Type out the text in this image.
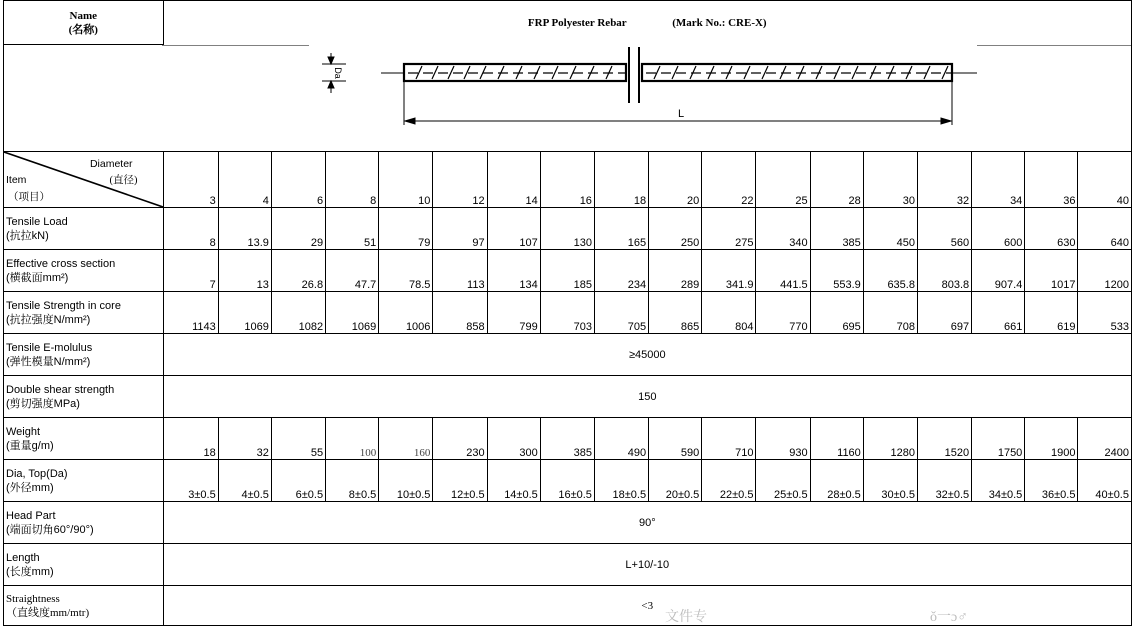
Name
(名称)	FRP Polyester Rebar (Mark No.: CRE-X)																	

Da
L																		

Diameter
(直径)
Item
（项目）	3	4	6	8	10	12	14	16	18	20	22	25	28	30	32	34	36	40

Tensile Load
(抗拉kN)	8	13.9	29	51	79	97	107	130	165	250	275	340	385	450	560	600	630	640

Effective cross section
(横截面mm²)	7	13	26.8	47.7	78.5	113	134	185	234	289	341.9	441.5	553.9	635.8	803.8	907.4	1017	1200

Tensile Strength in core
(抗拉强度N/mm²)	1143	1069	1082	1069	1006	858	799	703	705	865	804	770	695	708	697	661	619	533

Tensile E-molulus
(弹性模量N/mm²)	≥45000																	

Double shear strength
(剪切强度MPa)	150																	

Weight
(重量g/m)	18	32	55	100	160	230	300	385	490	590	710	930	1160	1280	1520	1750	1900	2400

Dia, Top(Da)
(外径mm)	3±0.5	4±0.5	6±0.5	8±0.5	10±0.5	12±0.5	14±0.5	16±0.5	18±0.5	20±0.5	22±0.5	25±0.5	28±0.5	30±0.5	32±0.5	34±0.5	36±0.5	40±0.5

Head Part
(端面切角60°/90°)	90°																	

Length
(长度mm)	L+10/-10																	

Straightness
（直线度mm/mtr)	<3																	
文件专	ǒ一ɔ♂
